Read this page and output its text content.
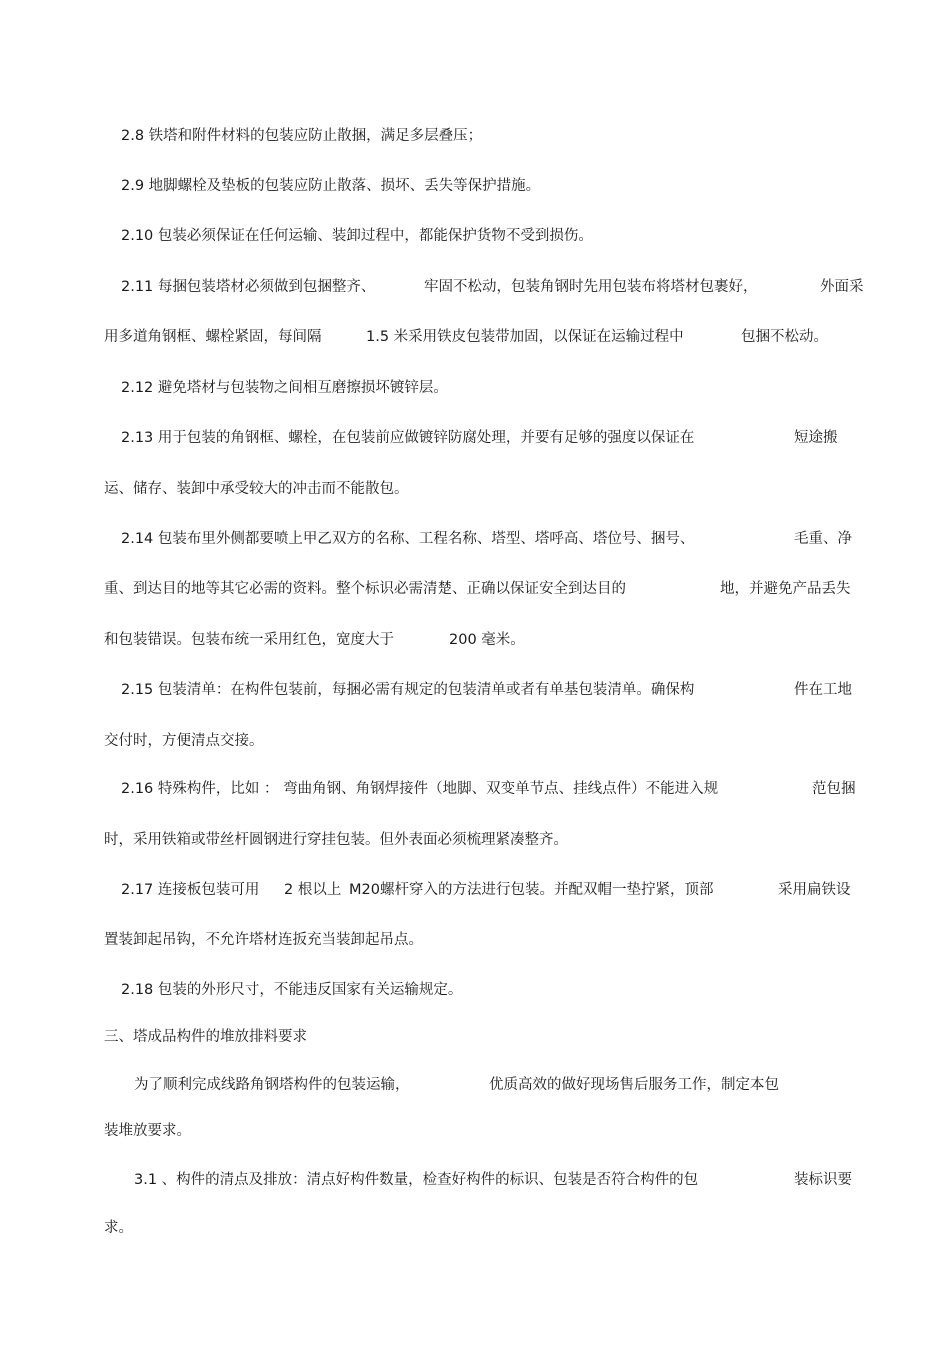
2.8 铁塔和附件材料的包装应防止散捆，满足多层叠压；
2.9 地脚螺栓及垫板的包装应防止散落、损坏、丢失等保护措施。
2.10 包装必须保证在任何运输、装卸过程中，都能保护货物不受到损伤。
2.11 每捆包装塔材必须做到包捆整齐、	牢固不松动，包装角钢时先用包装布将塔材包裹好，	外面采
用多道角钢框、螺栓紧固，每间隔	1.5 米采用铁皮包装带加固，以保证在运输过程中	包捆不松动。
2.12 避免塔材与包装物之间相互磨擦损坏镀锌层。
2.13 用于包装的角钢框、螺栓，在包装前应做镀锌防腐处理，并要有足够的强度以保证在	短途搬
运、储存、装卸中承受较大的冲击而不能散包。
2.14 包装布里外侧都要喷上甲乙双方的名称、工程名称、塔型、塔呼高、塔位号、捆号、	毛重、净
重、到达目的地等其它必需的资料。整个标识必需清楚、正确以保证安全到达目的	地，并避免产品丢失
和包装错误。包装布统一采用红色，宽度大于	200 毫米。
2.15 包装清单：在构件包装前，每捆必需有规定的包装清单或者有单基包装清单。确保构	件在工地
交付时，方便清点交接。
2.16 特殊构件，比如 ： 弯曲角钢、角钢焊接件（地脚、双变单节点、挂线点件）不能进入规	范包捆
时，采用铁箱或带丝杆圆钢进行穿挂包装。但外表面必须梳理紧凑整齐。
2.17 连接板包装可用 2 根以上 M20螺杆穿入的方法进行包装。并配双帽一垫拧紧，顶部	采用扁铁设
置装卸起吊钩，不允许塔材连扳充当装卸起吊点。
2.18 包装的外形尺寸，不能违反国家有关运输规定。
三、塔成品构件的堆放排料要求
为了顺利完成线路角钢塔构件的包装运输，	优质高效的做好现场售后服务工作，制定本包
装堆放要求。
3.1 、构件的清点及排放：清点好构件数量，检查好构件的标识、包装是否符合构件的包	装标识要
求。
